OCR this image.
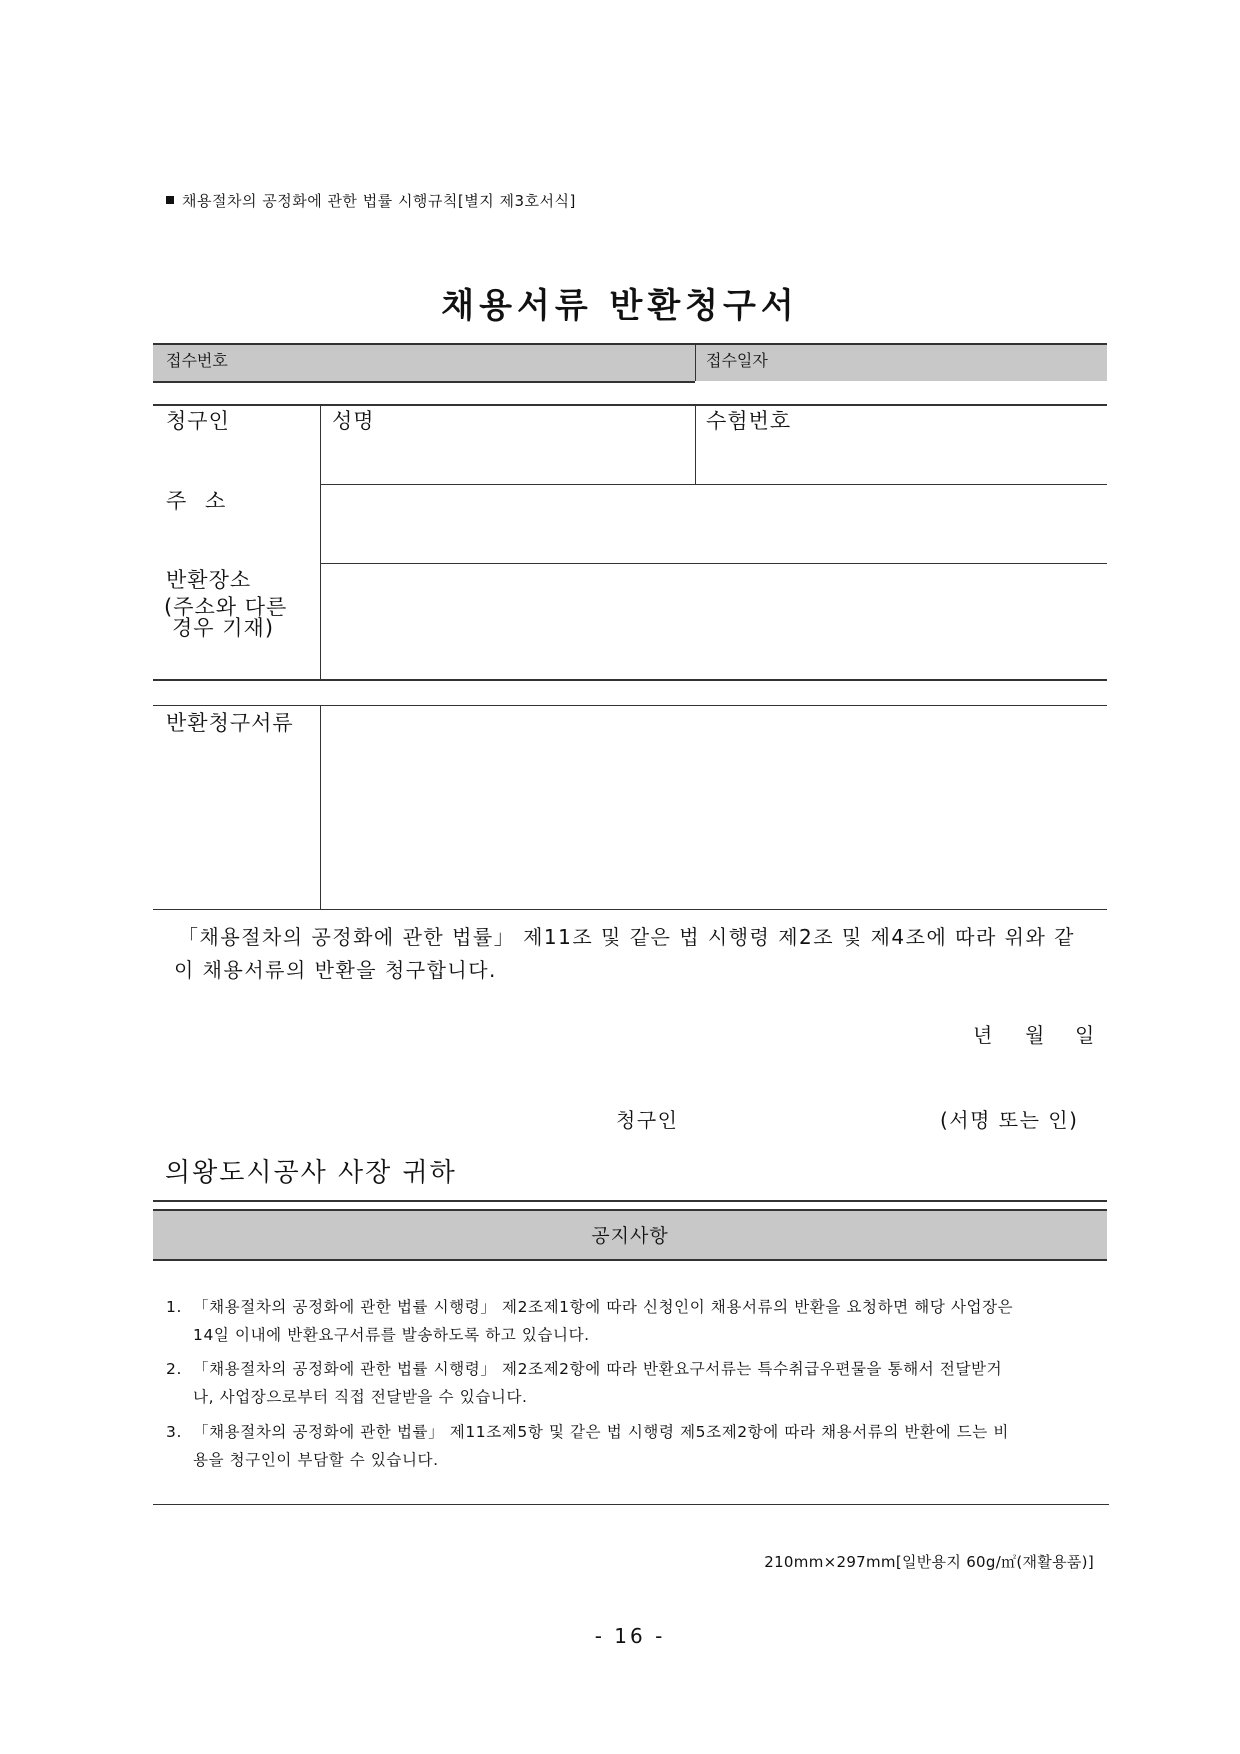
채용절차의 공정화에 관한 법률 시행규칙[별지 제3호서식]
채용서류 반환청구서
접수번호	접수일자
청구인	성명	수험번호
주 소
반환장소
(주소와 다른
경우 기재)
반환청구서류
「채용절차의 공정화에 관한 법률」 제11조 및 같은 법 시행령 제2조 및 제4조에 따라 위와 같
이 채용서류의 반환을 청구합니다.
년 월 일
청구인	(서명 또는 인)
의왕도시공사 사장 귀하
공지사항
1. 「채용절차의 공정화에 관한 법률 시행령」 제2조제1항에 따라 신청인이 채용서류의 반환을 요청하면 해당 사업장은
14일 이내에 반환요구서류를 발송하도록 하고 있습니다.
2. 「채용절차의 공정화에 관한 법률 시행령」 제2조제2항에 따라 반환요구서류는 특수취급우편물을 통해서 전달받거
나, 사업장으로부터 직접 전달받을 수 있습니다.
3. 「채용절차의 공정화에 관한 법률」 제11조제5항 및 같은 법 시행령 제5조제2항에 따라 채용서류의 반환에 드는 비
용을 청구인이 부담할 수 있습니다.
210mm×297mm[일반용지 60g/㎡(재활용품)]
- 16 -
